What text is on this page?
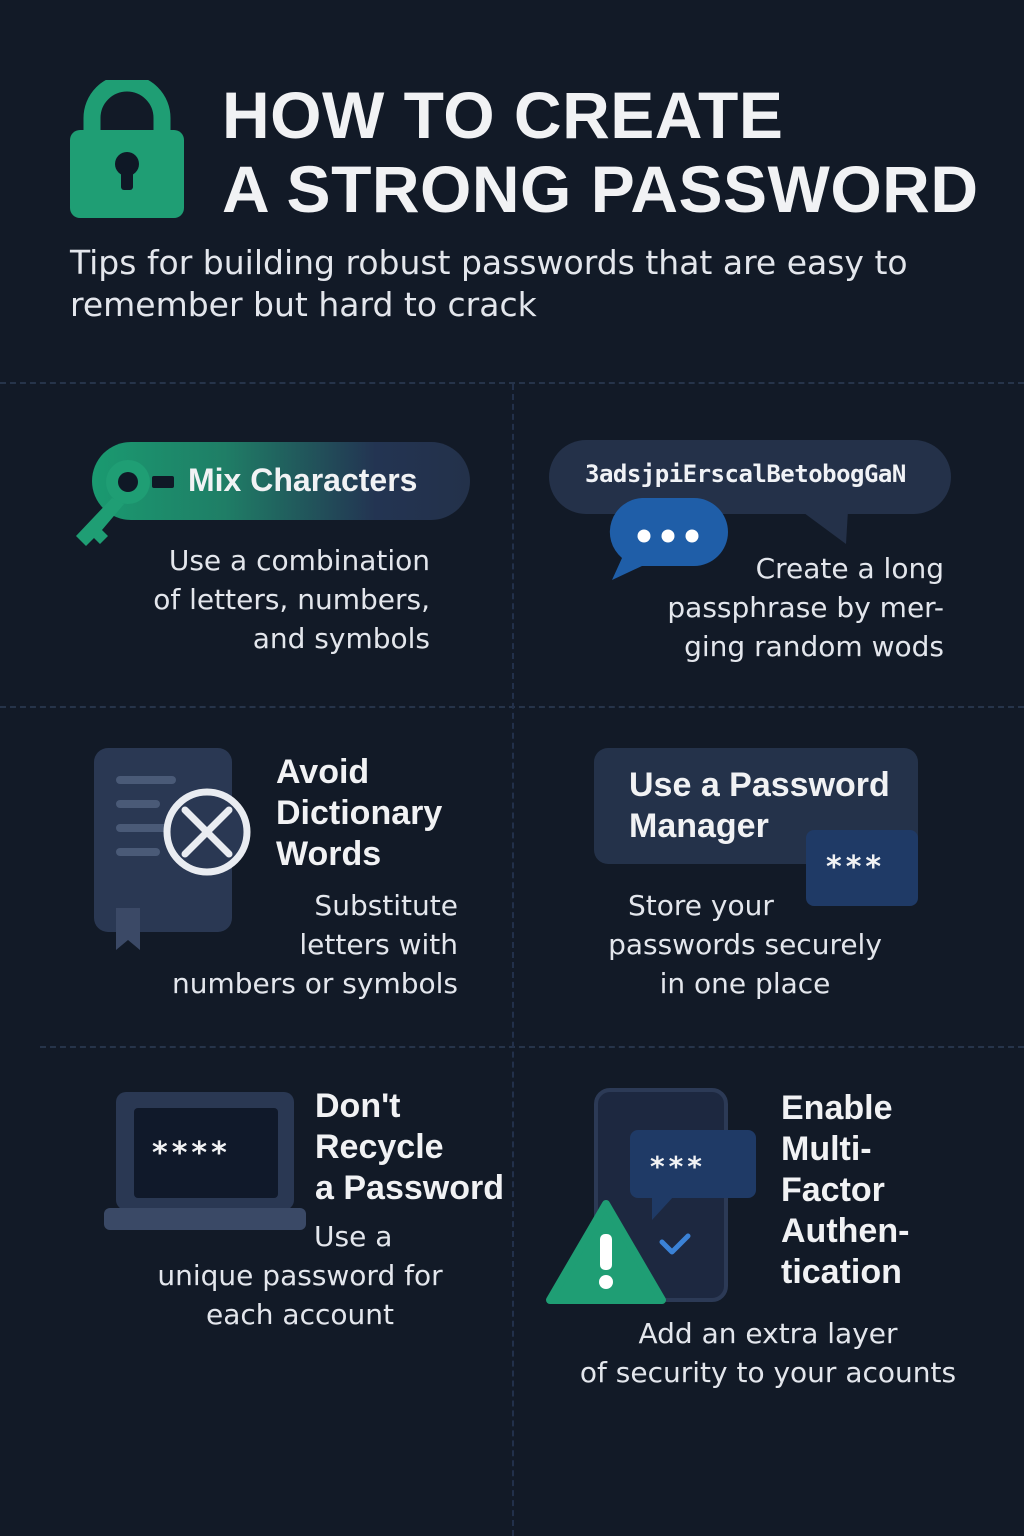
HOW TO CREATE
A STRONG PASSWORD
Tips for building robust passwords that are easy to
remember but hard to crack
Mix Characters
Use a combination
of letters, numbers,
and symbols
3adsjpiErscalBetobogGaN
Create a long
passphrase by mer-
ging random wods
Avoid
Dictionary
Words
Substitute
letters with
numbers or symbols
Use a Password
Manager
***
Store your
passwords securely
in one place
****
Don't
Recycle
a Password
Use a
unique password for
each account
***
Enable
Multi-
Factor
Authen-
tication
Add an extra layer
of security to your acounts
